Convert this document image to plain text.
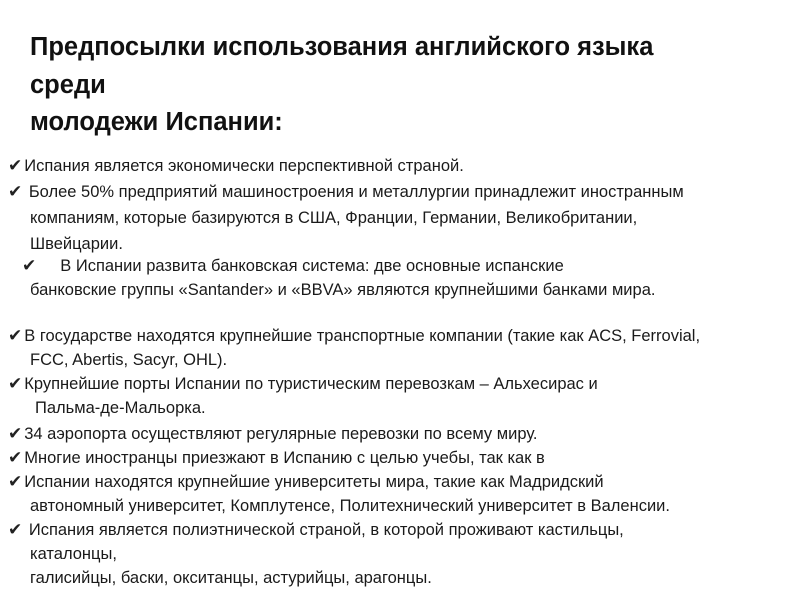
Предпосылки использования английского языка
среди
молодежи Испании:
✔ Испания является экономически перспективной страной.
✔ Более 50% предприятий машиностроения и металлургии принадлежит иностранным
компаниям, которые базируются в США, Франции, Германии, Великобритании,
Швейцарии.
✔ В Испании развита банковская система: две основные испанские
банковские группы «Santander» и «BBVA» являются крупнейшими банками мира.
✔ В государстве находятся крупнейшие транспортные компании (такие как ACS, Ferrovial,
FCC, Abertis, Sacyr, OHL).
✔ Крупнейшие порты Испании по туристическим перевозкам – Альхесирас и
Пальма-де-Мальорка.
✔ 34 аэропорта осуществляют регулярные перевозки по всему миру.
✔ Многие иностранцы приезжают в Испанию с целью учебы, так как в
✔ Испании находятся крупнейшие университеты мира, такие как Мадридский
автономный университет, Комплутенсе, Политехнический университет в Валенсии.
✔ Испания является полиэтнической страной, в которой проживают кастильцы,
каталонцы,
галисийцы, баски, окситанцы, астурийцы, арагонцы.
